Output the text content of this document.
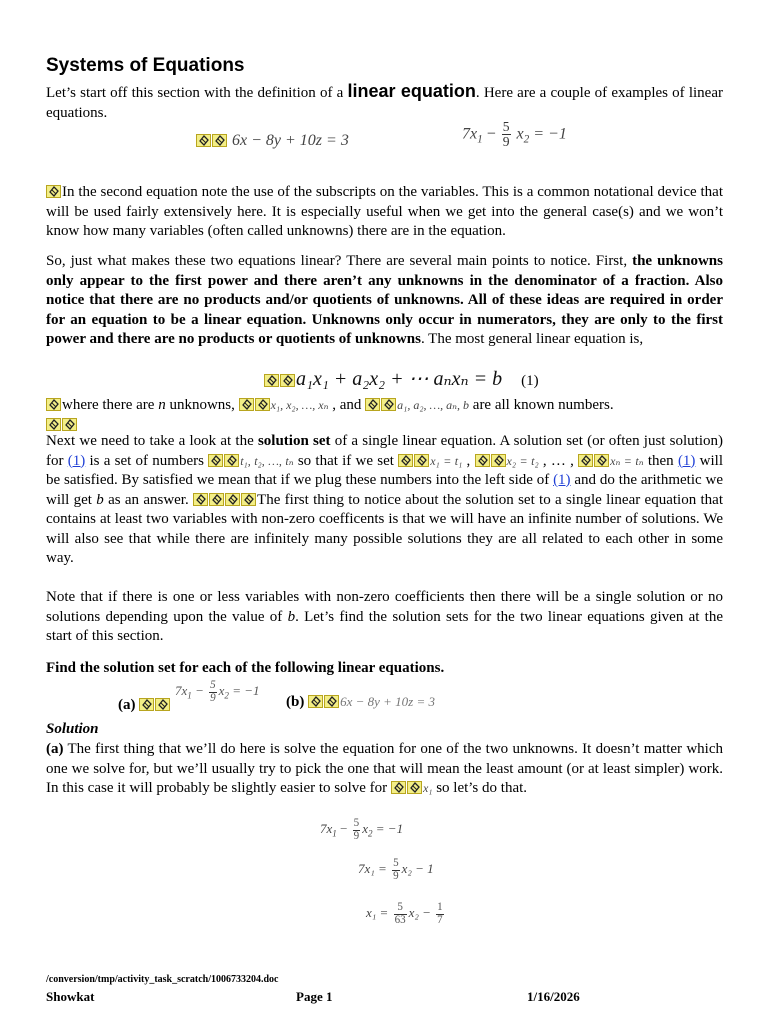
Systems of Equations

Let’s start off this section with the definition of a linear equation. Here are a couple of examples of linear equations.

6x − 8y + 10z = 3	$7x_1 - \frac{5}{9} x_2 = -1$

In the second equation note the use of the subscripts on the variables. This is a common notational device that will be used fairly extensively here. It is especially useful when we get into the general case(s) and we won’t know how many variables (often called unknowns) there are in the equation.

So, just what makes these two equations linear? There are several main points to notice. First, the unknowns only appear to the first power and there aren’t any unknowns in the denominator of a fraction. Also notice that there are no products and/or quotients of unknowns. All of these ideas are required in order for an equation to be a linear equation. Unknowns only occur in numerators, they are only to the first power and there are no products or quotients of unknowns. The most general linear equation is,

a₁x₁ + a₂x₂ + ⋯ aₙxₙ = b (1)

where there are n unknowns,	x₁, x₂, …, xₙ , and	a₁, a₂, …, aₙ, b are all known numbers.

Next we need to take a look at the solution set of a single linear equation. A solution set (or often just solution) for (1) is a set of numbers	t₁, t₂, …, tₙ so that if we set	x₁ = t₁ ,	x₂ = t₂ , … ,	xₙ = tₙ then (1) will be satisfied. By satisfied we mean that if we plug these numbers into the left side of (1) and do the arithmetic we will get b as an answer.	The first thing to notice about the solution set to a single linear equation that contains at least two variables with non-zero coefficents is that we will have an infinite number of solutions. We will also see that while there are infinitely many possible solutions they are all related to each other in some way.

Note that if there is one or less variables with non-zero coefficients then there will be a single solution or no solutions depending upon the value of b. Let’s find the solution sets for the two linear equations given at the start of this section.

Find the solution set for each of the following linear equations.

(a)
$7x_1 - \frac{5}{9} x_2 = -1$
(b)	6x − 8y + 10z = 3

Solution

(a) The first thing that we’ll do here is solve the equation for one of the two unknowns. It doesn’t matter which one we solve for, but we’ll usually try to pick the one that will mean the least amount (or at least simpler) work. In this case it will probably be slightly easier to solve for	x₁ so let’s do that.

$7x_1 - \frac{5}{9} x_2 = -1$
$7x_1 = \frac{5}{9} x_2 - 1$
$x_1 = \frac{5}{63} x_2 - \frac{1}{7}$
/conversion/tmp/activity_task_scratch/1006733204.doc
Showkat	Page 1	1/16/2026
